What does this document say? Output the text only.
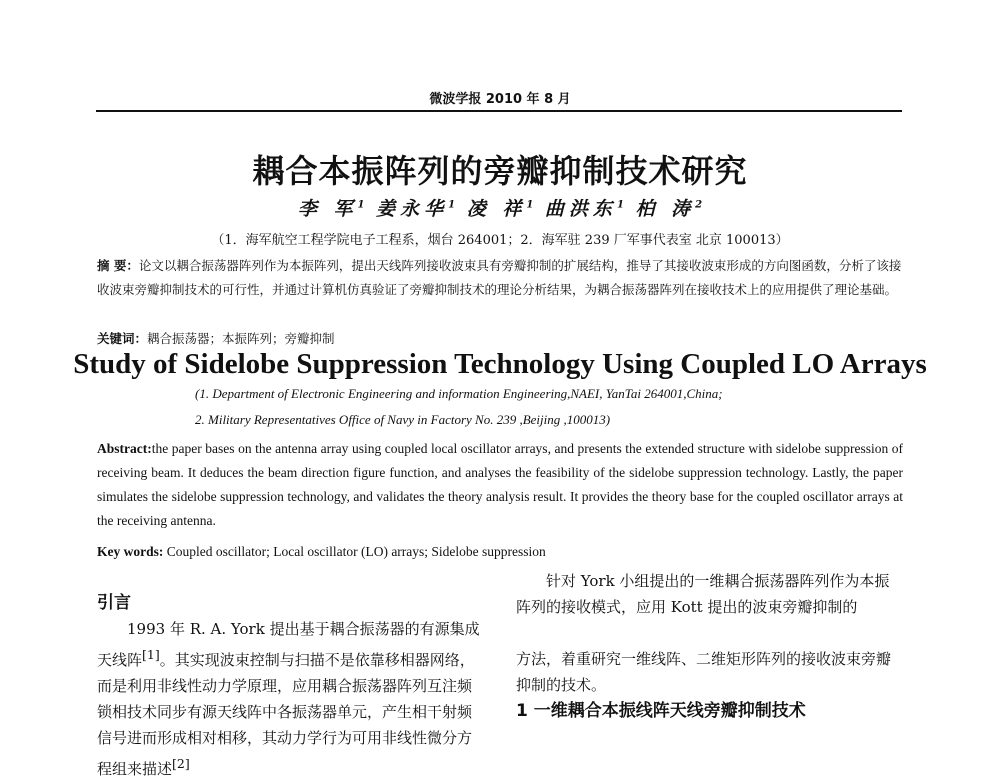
微波学报 2010 年 8 月
耦合本振阵列的旁瓣抑制技术研究
李 军$^1$ 姜永华$^1$ 凌 祥$^1$ 曲洪东$^1$ 柏 涛$^2$
（1．海军航空工程学院电子工程系，烟台 264001；2．海军驻 239 厂军事代表室 北京 100013）
摘 要：论文以耦合振荡器阵列作为本振阵列，提出天线阵列接收波束具有旁瓣抑制的扩展结构，推导了其接收波束形成的方向图函数，分析了该接收波束旁瓣抑制技术的可行性，并通过计算机仿真验证了旁瓣抑制技术的理论分析结果，为耦合振荡器阵列在接收技术上的应用提供了理论基础。
关键词：耦合振荡器；本振阵列；旁瓣抑制
Study of Sidelobe Suppression Technology Using Coupled LO Arrays
(1. Department of Electronic Engineering and information Engineering,NAEI, YanTai 264001,China;
2. Military Representatives Office of Navy in Factory No. 239 ,Beijing ,100013)
Abstract:the paper bases on the antenna array using coupled local oscillator arrays, and presents the extended structure with sidelobe suppression of receiving beam. It deduces the beam direction figure function, and analyses the feasibility of the sidelobe suppression technology. Lastly, the paper simulates the sidelobe suppression technology, and validates the theory analysis result. It provides the theory base for the coupled oscillator arrays at the receiving antenna.
Key words: Coupled oscillator; Local oscillator (LO) arrays; Sidelobe suppression

引言

1993 年 R. A. York 提出基于耦合振荡器的有源集成天线阵[1]。其实现波束控制与扫描不是依靠移相器网络，而是利用非线性动力学原理，应用耦合振荡器阵列互注频锁相技术同步有源天线阵中各振荡器单元，产生相干射频信号进而形成相对相移，其动力学行为可用非线性微分方程组来描述[2]

针对 York 小组提出的一维耦合振荡器阵列作为本振阵列的接收模式，应用 Kott 提出的波束旁瓣抑制的

方法，着重研究一维线阵、二维矩形阵列的接收波束旁瓣抑制的技术。

1 一维耦合本振线阵天线旁瓣抑制技术
